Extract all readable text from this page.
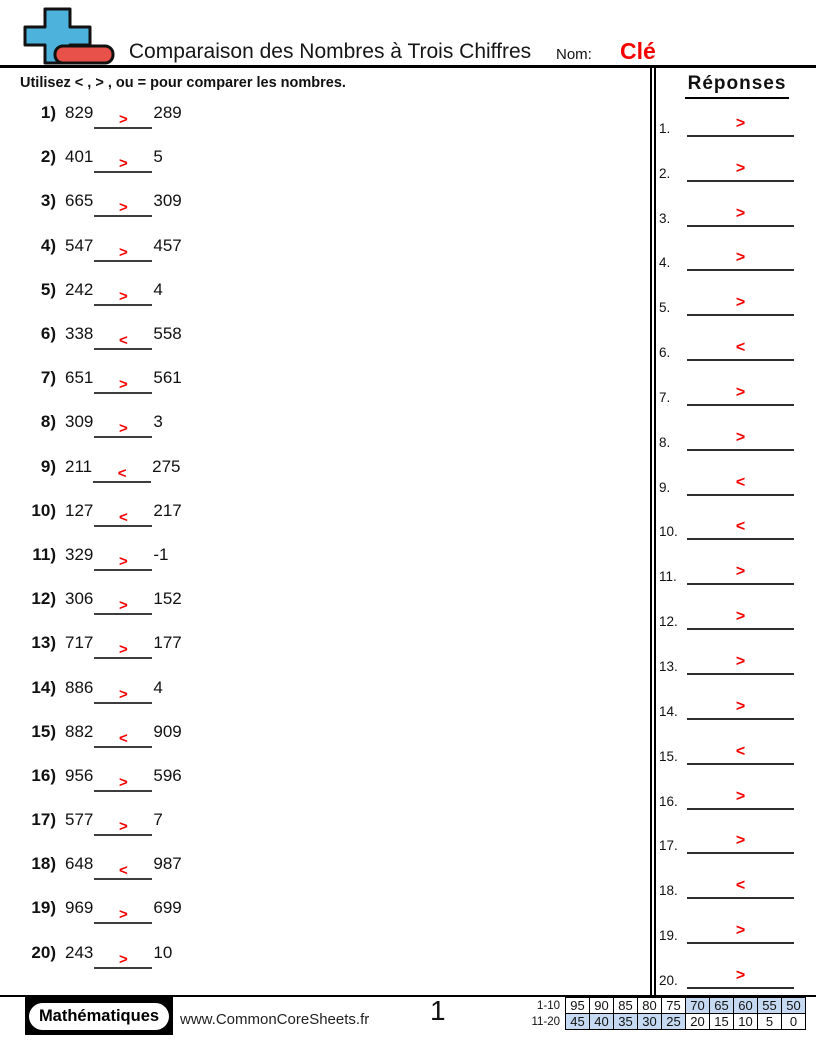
Comparaison des Nombres à Trois Chiffres	Nom: Clé
Utilisez < , > , ou = pour comparer les nombres.
1) 829	>	289
2) 401	>	5
3) 665	>	309
4) 547	>	457
5) 242	>	4
6) 338	<	558
7) 651	>	561
8) 309	>	3
9) 211	<	275
10) 127	<	217
11) 329	>	-1
12) 306	>	152
13) 717	>	177
14) 886	>	4
15) 882	<	909
16) 956	>	596
17) 577	>	7
18) 648	<	987
19) 969	>	699
20) 243	>	10
Réponses
1.	>
2.	>
3.	>
4.	>
5.	>
6.	<
7.	>
8.	>
9.	<
10.	<
11.	>
12.	>
13.	>
14.	>
15.	<
16.	>
17.	>
18.	<
19.	>
20.	>
Mathématiques	www.CommonCoreSheets.fr 1	1-10	95	90	85	80	75	70	65	60	55	50
11-20	45	40	35	30	25	20	15	10	5	0
